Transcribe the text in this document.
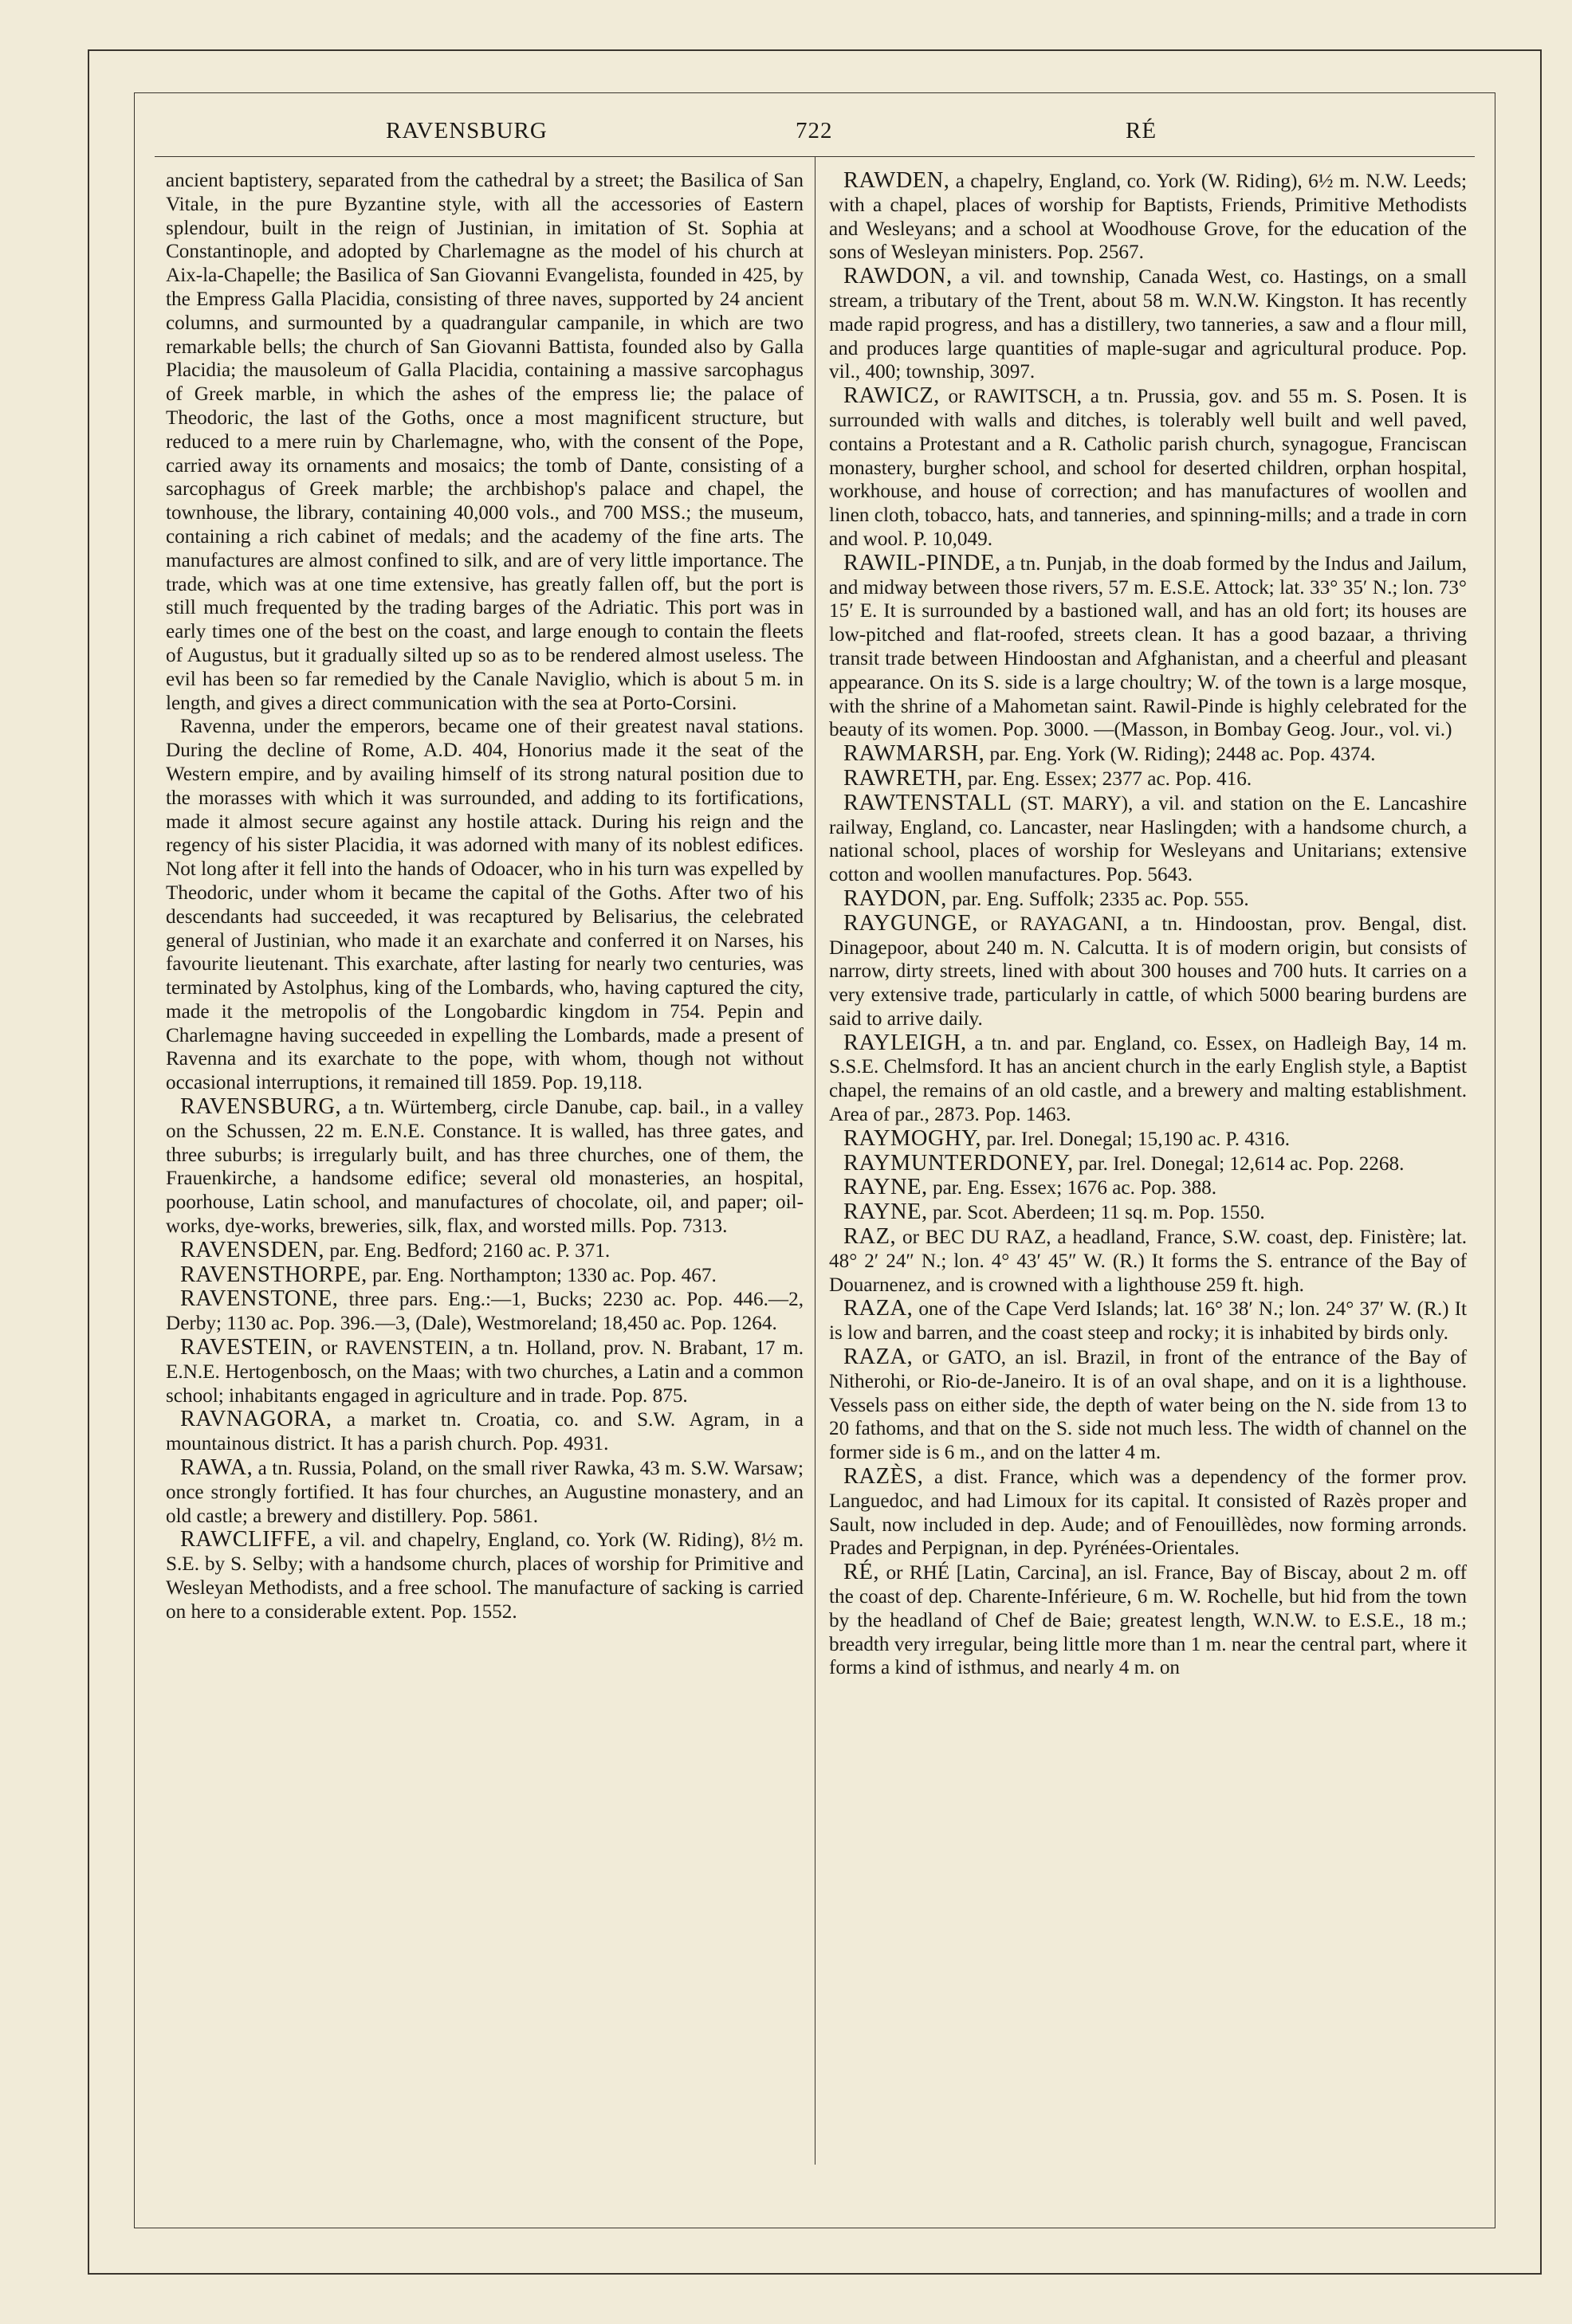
RAVENSBURG	722	RÉ

ancient baptistery, separated from the cathedral by a street; the Basilica of San Vitale, in the pure Byzantine style, with all the accessories of Eastern splendour, built in the reign of Justinian, in imitation of St. Sophia at Constantinople, and adopted by Charlemagne as the model of his church at Aix-la-Chapelle; the Basilica of San Giovanni Evangelista, founded in 425, by the Empress Galla Placidia, consisting of three naves, supported by 24 ancient columns, and surmounted by a quadrangular campanile, in which are two remarkable bells; the church of San Giovanni Battista, founded also by Galla Placidia; the mausoleum of Galla Placidia, containing a massive sarcophagus of Greek marble, in which the ashes of the empress lie; the palace of Theodoric, the last of the Goths, once a most magnificent structure, but reduced to a mere ruin by Charlemagne, who, with the consent of the Pope, carried away its ornaments and mosaics; the tomb of Dante, consisting of a sarcophagus of Greek marble; the archbishop's palace and chapel, the townhouse, the library, containing 40,000 vols., and 700 MSS.; the museum, containing a rich cabinet of medals; and the academy of the fine arts. The manufactures are almost confined to silk, and are of very little importance. The trade, which was at one time extensive, has greatly fallen off, but the port is still much frequented by the trading barges of the Adriatic. This port was in early times one of the best on the coast, and large enough to contain the fleets of Augustus, but it gradually silted up so as to be rendered almost useless. The evil has been so far remedied by the Canale Naviglio, which is about 5 m. in length, and gives a direct communication with the sea at Porto-Corsini.

Ravenna, under the emperors, became one of their greatest naval stations. During the decline of Rome, A.D. 404, Honorius made it the seat of the Western empire, and by availing himself of its strong natural position due to the morasses with which it was surrounded, and adding to its fortifications, made it almost secure against any hostile attack. During his reign and the regency of his sister Placidia, it was adorned with many of its noblest edifices. Not long after it fell into the hands of Odoacer, who in his turn was expelled by Theodoric, under whom it became the capital of the Goths. After two of his descendants had succeeded, it was recaptured by Belisarius, the celebrated general of Justinian, who made it an exarchate and conferred it on Narses, his favourite lieutenant. This exarchate, after lasting for nearly two centuries, was terminated by Astolphus, king of the Lombards, who, having captured the city, made it the metropolis of the Longobardic kingdom in 754. Pepin and Charlemagne having succeeded in expelling the Lombards, made a present of Ravenna and its exarchate to the pope, with whom, though not without occasional interruptions, it remained till 1859. Pop. 19,118.

RAVENSBURG, a tn. Würtemberg, circle Danube, cap. bail., in a valley on the Schussen, 22 m. E.N.E. Constance. It is walled, has three gates, and three suburbs; is irregularly built, and has three churches, one of them, the Frauenkirche, a handsome edifice; several old monasteries, an hospital, poorhouse, Latin school, and manufactures of chocolate, oil, and paper; oil-works, dye-works, breweries, silk, flax, and worsted mills. Pop. 7313.

RAVENSDEN, par. Eng. Bedford; 2160 ac. P. 371.

RAVENSTHORPE, par. Eng. Northampton; 1330 ac. Pop. 467.

RAVENSTONE, three pars. Eng.:—1, Bucks; 2230 ac. Pop. 446.—2, Derby; 1130 ac. Pop. 396.—3, (Dale), Westmoreland; 18,450 ac. Pop. 1264.

RAVESTEIN, or RAVENSTEIN, a tn. Holland, prov. N. Brabant, 17 m. E.N.E. Hertogenbosch, on the Maas; with two churches, a Latin and a common school; inhabitants engaged in agriculture and in trade. Pop. 875.

RAVNAGORA, a market tn. Croatia, co. and S.W. Agram, in a mountainous district. It has a parish church. Pop. 4931.

RAWA, a tn. Russia, Poland, on the small river Rawka, 43 m. S.W. Warsaw; once strongly fortified. It has four churches, an Augustine monastery, and an old castle; a brewery and distillery. Pop. 5861.

RAWCLIFFE, a vil. and chapelry, England, co. York (W. Riding), 8½ m. S.E. by S. Selby; with a handsome church, places of worship for Primitive and Wesleyan Methodists, and a free school. The manufacture of sacking is carried on here to a considerable extent. Pop. 1552.

RAWDEN, a chapelry, England, co. York (W. Riding), 6½ m. N.W. Leeds; with a chapel, places of worship for Baptists, Friends, Primitive Methodists and Wesleyans; and a school at Woodhouse Grove, for the education of the sons of Wesleyan ministers. Pop. 2567.

RAWDON, a vil. and township, Canada West, co. Hastings, on a small stream, a tributary of the Trent, about 58 m. W.N.W. Kingston. It has recently made rapid progress, and has a distillery, two tanneries, a saw and a flour mill, and produces large quantities of maple-sugar and agricultural produce. Pop. vil., 400; township, 3097.

RAWICZ, or RAWITSCH, a tn. Prussia, gov. and 55 m. S. Posen. It is surrounded with walls and ditches, is tolerably well built and well paved, contains a Protestant and a R. Catholic parish church, synagogue, Franciscan monastery, burgher school, and school for deserted children, orphan hospital, workhouse, and house of correction; and has manufactures of woollen and linen cloth, tobacco, hats, and tanneries, and spinning-mills; and a trade in corn and wool. P. 10,049.

RAWIL-PINDE, a tn. Punjab, in the doab formed by the Indus and Jailum, and midway between those rivers, 57 m. E.S.E. Attock; lat. 33° 35′ N.; lon. 73° 15′ E. It is surrounded by a bastioned wall, and has an old fort; its houses are low-pitched and flat-roofed, streets clean. It has a good bazaar, a thriving transit trade between Hindoostan and Afghanistan, and a cheerful and pleasant appearance. On its S. side is a large choultry; W. of the town is a large mosque, with the shrine of a Mahometan saint. Rawil-Pinde is highly celebrated for the beauty of its women. Pop. 3000. —(Masson, in Bombay Geog. Jour., vol. vi.)

RAWMARSH, par. Eng. York (W. Riding); 2448 ac. Pop. 4374.

RAWRETH, par. Eng. Essex; 2377 ac. Pop. 416.

RAWTENSTALL (ST. MARY), a vil. and station on the E. Lancashire railway, England, co. Lancaster, near Haslingden; with a handsome church, a national school, places of worship for Wesleyans and Unitarians; extensive cotton and woollen manufactures. Pop. 5643.

RAYDON, par. Eng. Suffolk; 2335 ac. Pop. 555.

RAYGUNGE, or RAYAGANI, a tn. Hindoostan, prov. Bengal, dist. Dinagepoor, about 240 m. N. Calcutta. It is of modern origin, but consists of narrow, dirty streets, lined with about 300 houses and 700 huts. It carries on a very extensive trade, particularly in cattle, of which 5000 bearing burdens are said to arrive daily.

RAYLEIGH, a tn. and par. England, co. Essex, on Hadleigh Bay, 14 m. S.S.E. Chelmsford. It has an ancient church in the early English style, a Baptist chapel, the remains of an old castle, and a brewery and malting establishment. Area of par., 2873. Pop. 1463.

RAYMOGHY, par. Irel. Donegal; 15,190 ac. P. 4316.

RAYMUNTERDONEY, par. Irel. Donegal; 12,614 ac. Pop. 2268.

RAYNE, par. Eng. Essex; 1676 ac. Pop. 388.

RAYNE, par. Scot. Aberdeen; 11 sq. m. Pop. 1550.

RAZ, or BEC DU RAZ, a headland, France, S.W. coast, dep. Finistère; lat. 48° 2′ 24″ N.; lon. 4° 43′ 45″ W. (R.) It forms the S. entrance of the Bay of Douarnenez, and is crowned with a lighthouse 259 ft. high.

RAZA, one of the Cape Verd Islands; lat. 16° 38′ N.; lon. 24° 37′ W. (R.) It is low and barren, and the coast steep and rocky; it is inhabited by birds only.

RAZA, or GATO, an isl. Brazil, in front of the entrance of the Bay of Nitherohi, or Rio-de-Janeiro. It is of an oval shape, and on it is a lighthouse. Vessels pass on either side, the depth of water being on the N. side from 13 to 20 fathoms, and that on the S. side not much less. The width of channel on the former side is 6 m., and on the latter 4 m.

RAZÈS, a dist. France, which was a dependency of the former prov. Languedoc, and had Limoux for its capital. It consisted of Razès proper and Sault, now included in dep. Aude; and of Fenouillèdes, now forming arronds. Prades and Perpignan, in dep. Pyrénées-Orientales.

RÉ, or RHÉ [Latin, Carcina], an isl. France, Bay of Biscay, about 2 m. off the coast of dep. Charente-Inférieure, 6 m. W. Rochelle, but hid from the town by the headland of Chef de Baie; greatest length, W.N.W. to E.S.E., 18 m.; breadth very irregular, being little more than 1 m. near the central part, where it forms a kind of isthmus, and nearly 4 m. on
